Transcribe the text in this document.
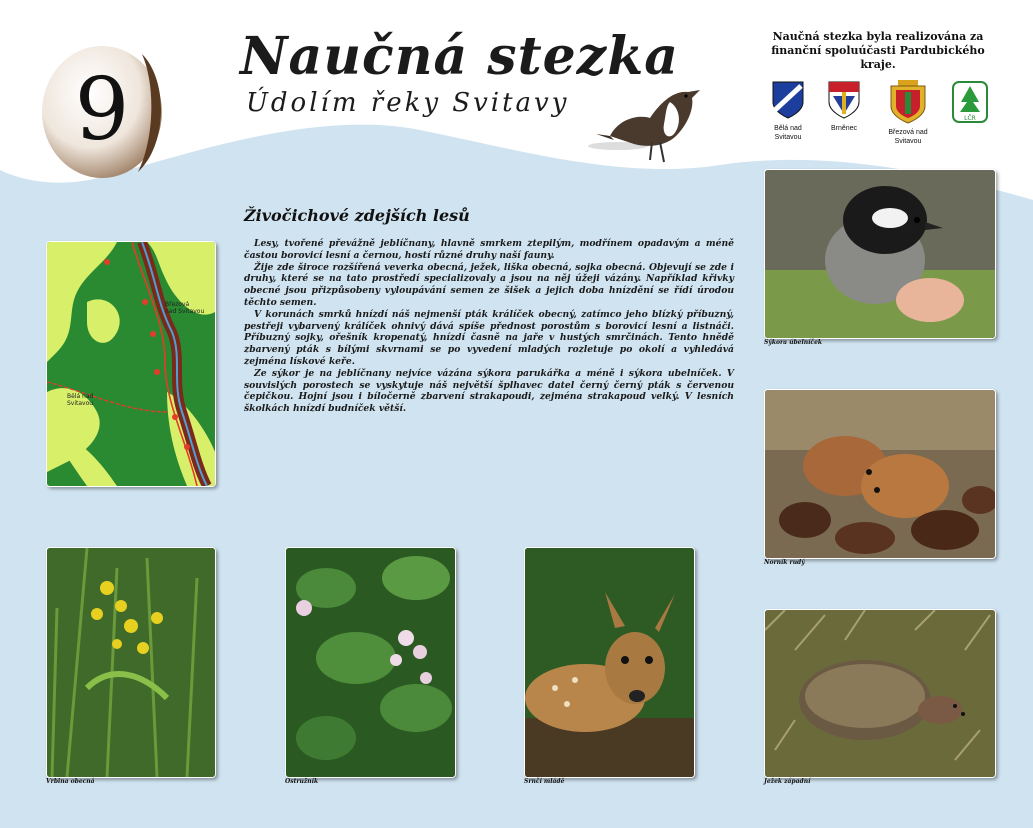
9
Naučná stezka
Údolím řeky Svitavy
Naučná stezka byla realizována za
finanční spoluúčasti Pardubického kraje.
Bělá nad
Svitavou
Brněnec
Březová nad
Svitavou
LČR
Živočichové zdejších lesů

Lesy, tvořené převážně jeblíčnany, hlavně smrkem ztepilým, modřínem opadavým a méně častou borovicí lesní a černou, hostí různé druhy naší fauny.

Žije zde široce rozšířená veverka obecná, ježek, liška obecná, sojka obecná. Objevují se zde i druhy, které se na tato prostředí specializovaly a jsou na něj úžeji vázány. Například křivky obecné jsou přizpůsobeny vyloupávání semen ze šišek a jejich doba hnízdění se řídí úrodou těchto semen.

V korunách smrků hnízdí náš nejmenší pták králíček obecný, zatímco jeho blízký příbuzný, pestřeji vybarvený králíček ohnivý dává spíše přednost porostům s borovicí lesní a listnáči. Příbuzný sojky, ořešník kropenatý, hnízdí časně na jaře v hustých smrčinách. Tento hnědě zbarvený pták s bílými skvrnami se po vyvedení mladých rozletuje po okolí a vyhledává zejména lískové keře.

Ze sýkor je na jeblíčnany nejvíce vázána sýkora parukářka a méně i sýkora ubelníček. V souvislých porostech se vyskytuje náš největší šplhavec datel černý černý pták s červenou čepičkou. Hojní jsou i bíločerně zbarvení strakapoudi, zejména strakapoud velký. V lesních školkách hnízdí budníček větší.

Březová
nad Svitavou
Bělá nad
Svitavou
Sýkora úbelníček
Norník rudý
Vrbina obecná	Ostružník	Srnčí mládě	Ježek západní
